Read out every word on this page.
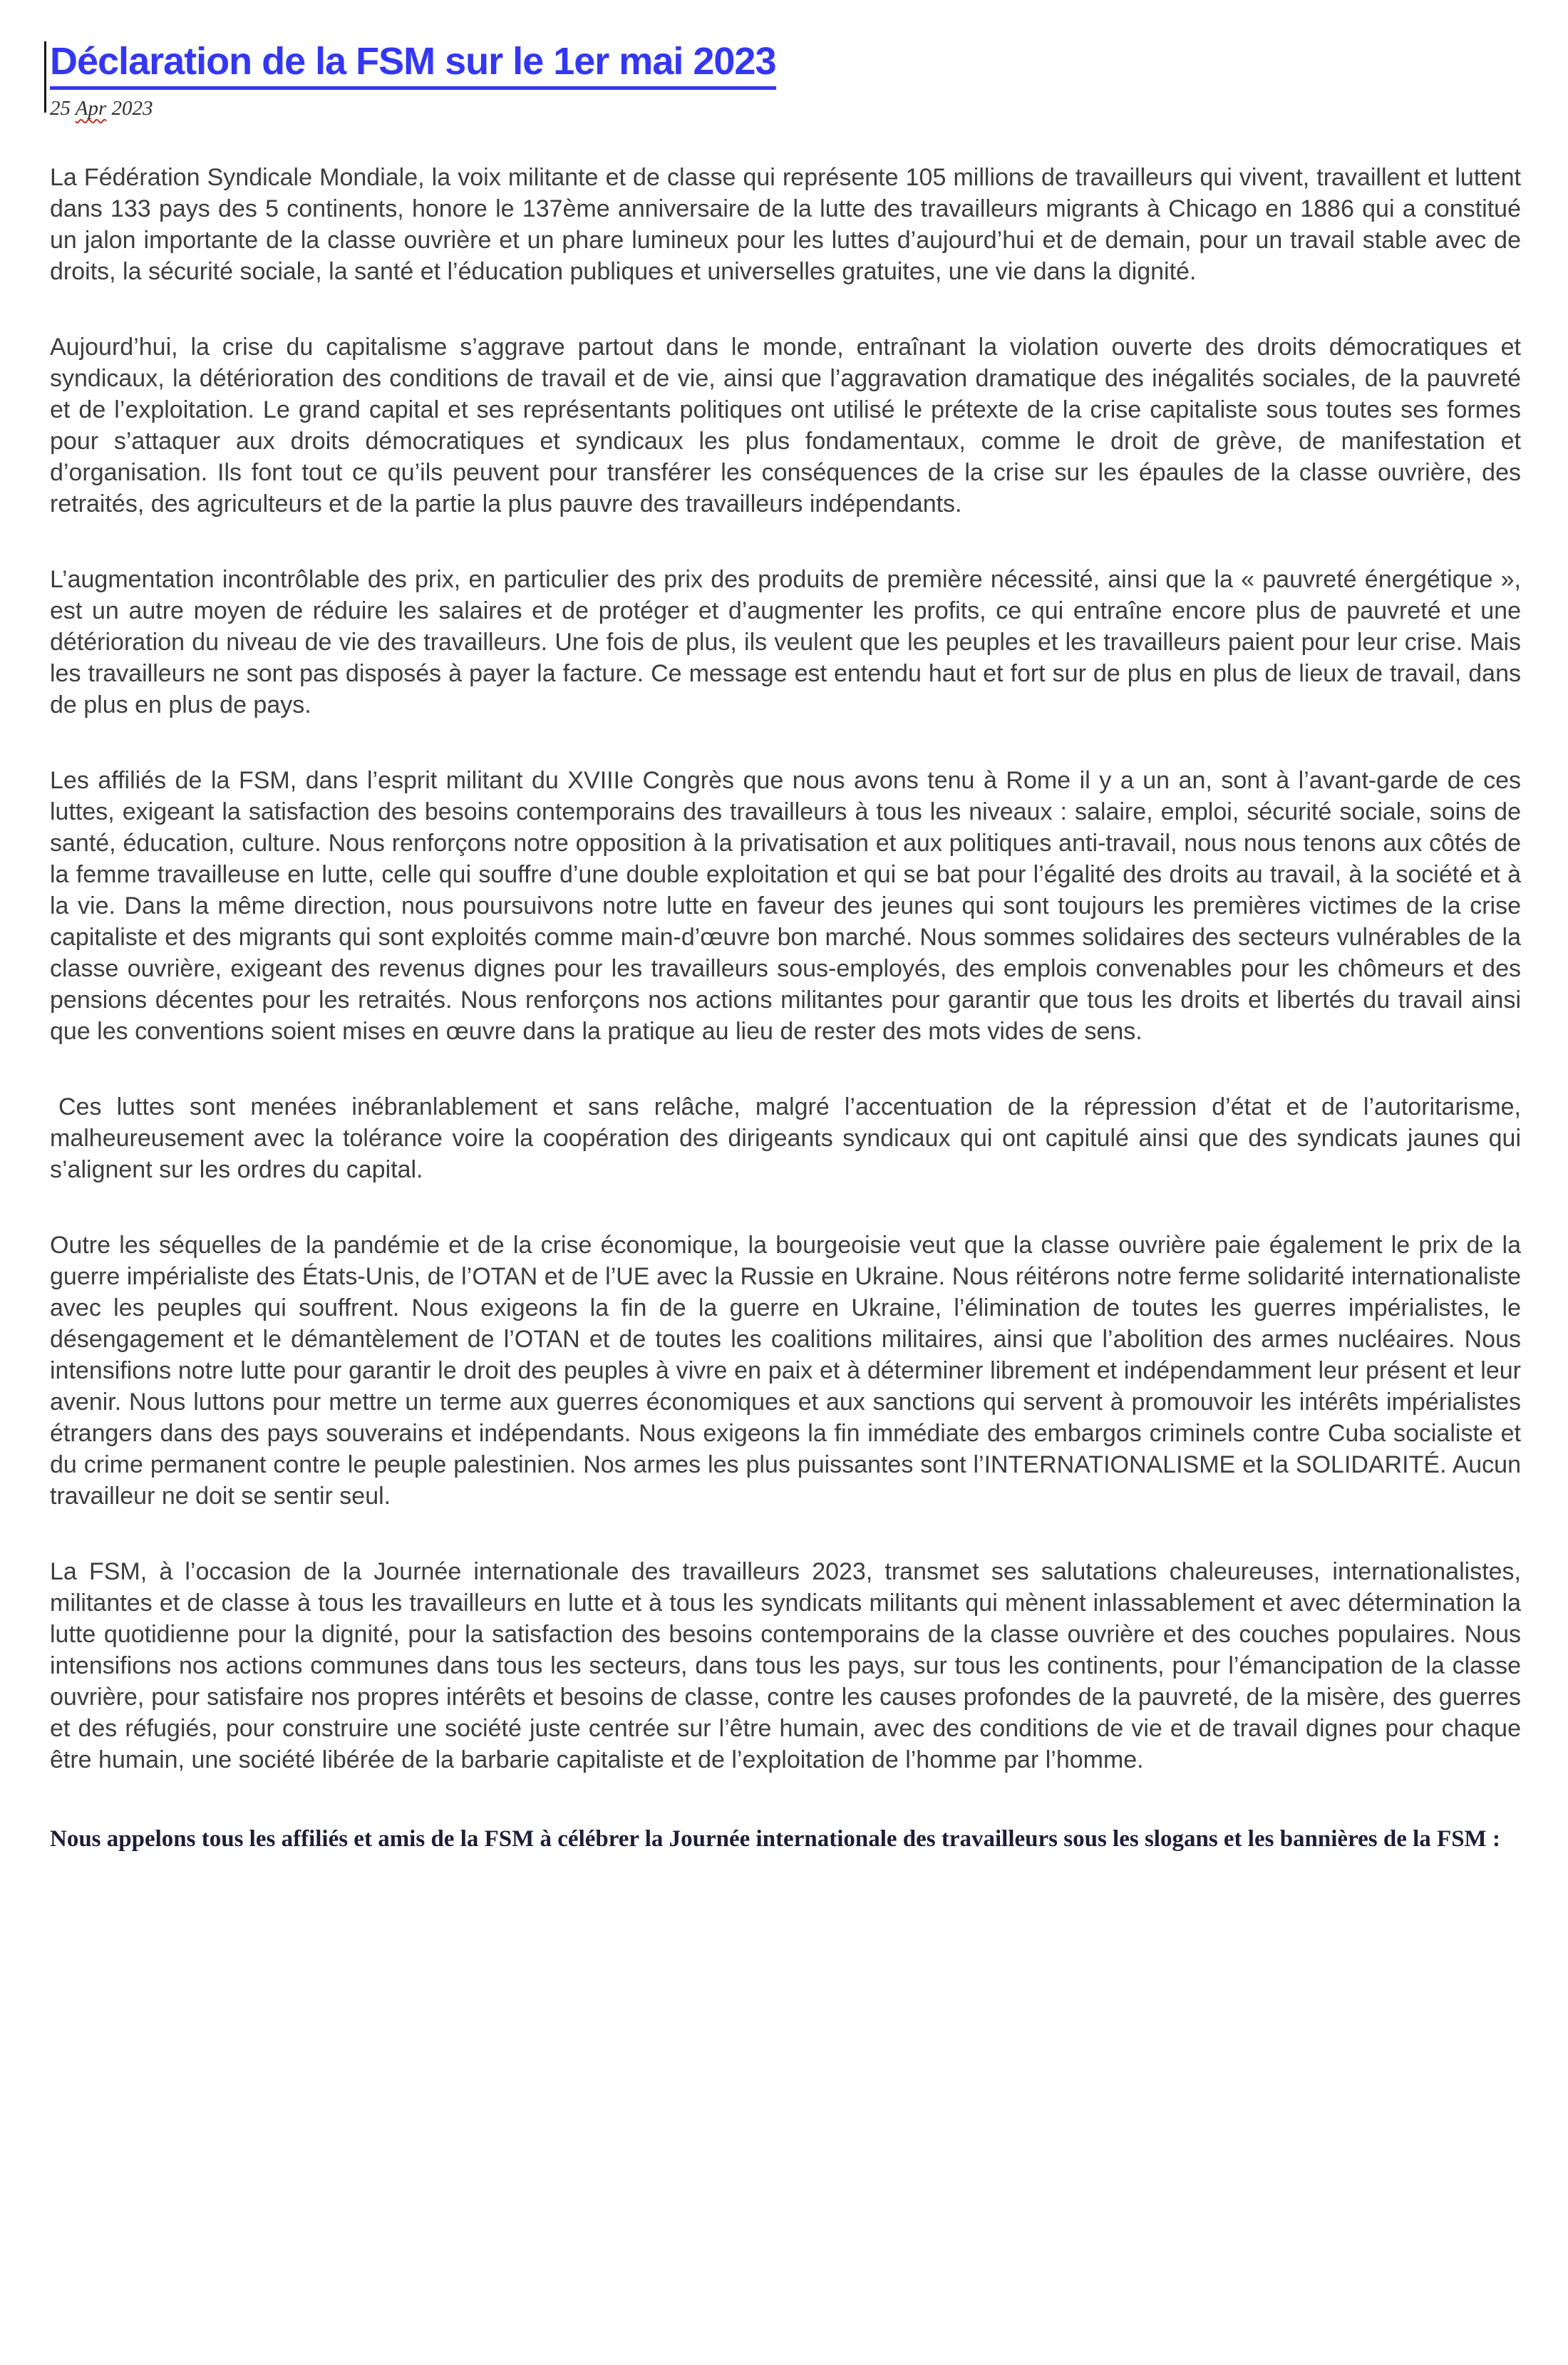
Déclaration de la FSM sur le 1er mai 2023

25 Apr 2023

La Fédération Syndicale Mondiale, la voix militante et de classe qui représente 105 millions de travailleurs qui vivent, travaillent et luttent dans 133 pays des 5 continents, honore le 137ème anniversaire de la lutte des travailleurs migrants à Chicago en 1886 qui a constitué un jalon importante de la classe ouvrière et un phare lumineux pour les luttes d’aujourd’hui et de demain, pour un travail stable avec de droits, la sécurité sociale, la santé et l’éducation publiques et universelles gratuites, une vie dans la dignité.

Aujourd’hui, la crise du capitalisme s’aggrave partout dans le monde, entraînant la violation ouverte des droits démocratiques et syndicaux, la détérioration des conditions de travail et de vie, ainsi que l’aggravation dramatique des inégalités sociales, de la pauvreté et de l’exploitation. Le grand capital et ses représentants politiques ont utilisé le prétexte de la crise capitaliste sous toutes ses formes pour s’attaquer aux droits démocratiques et syndicaux les plus fondamentaux, comme le droit de grève, de manifestation et d’organisation. Ils font tout ce qu’ils peuvent pour transférer les conséquences de la crise sur les épaules de la classe ouvrière, des retraités, des agriculteurs et de la partie la plus pauvre des travailleurs indépendants.

L’augmentation incontrôlable des prix, en particulier des prix des produits de première nécessité, ainsi que la « pauvreté énergétique », est un autre moyen de réduire les salaires et de protéger et d’augmenter les profits, ce qui entraîne encore plus de pauvreté et une détérioration du niveau de vie des travailleurs. Une fois de plus, ils veulent que les peuples et les travailleurs paient pour leur crise. Mais les travailleurs ne sont pas disposés à payer la facture. Ce message est entendu haut et fort sur de plus en plus de lieux de travail, dans de plus en plus de pays.

Les affiliés de la FSM, dans l’esprit militant du XVIIIe Congrès que nous avons tenu à Rome il y a un an, sont à l’avant-garde de ces luttes, exigeant la satisfaction des besoins contemporains des travailleurs à tous les niveaux : salaire, emploi, sécurité sociale, soins de santé, éducation, culture. Nous renforçons notre opposition à la privatisation et aux politiques anti-travail, nous nous tenons aux côtés de la femme travailleuse en lutte, celle qui souffre d’une double exploitation et qui se bat pour l’égalité des droits au travail, à la société et à la vie. Dans la même direction, nous poursuivons notre lutte en faveur des jeunes qui sont toujours les premières victimes de la crise capitaliste et des migrants qui sont exploités comme main-d’œuvre bon marché. Nous sommes solidaires des secteurs vulnérables de la classe ouvrière, exigeant des revenus dignes pour les travailleurs sous-employés, des emplois convenables pour les chômeurs et des pensions décentes pour les retraités. Nous renforçons nos actions militantes pour garantir que tous les droits et libertés du travail ainsi que les conventions soient mises en œuvre dans la pratique au lieu de rester des mots vides de sens.

Ces luttes sont menées inébranlablement et sans relâche, malgré l’accentuation de la répression d’état et de l’autoritarisme, malheureusement avec la tolérance voire la coopération des dirigeants syndicaux qui ont capitulé ainsi que des syndicats jaunes qui s’alignent sur les ordres du capital.

Outre les séquelles de la pandémie et de la crise économique, la bourgeoisie veut que la classe ouvrière paie également le prix de la guerre impérialiste des États-Unis, de l’OTAN et de l’UE avec la Russie en Ukraine. Nous réitérons notre ferme solidarité internationaliste avec les peuples qui souffrent. Nous exigeons la fin de la guerre en Ukraine, l’élimination de toutes les guerres impérialistes, le désengagement et le démantèlement de l’OTAN et de toutes les coalitions militaires, ainsi que l’abolition des armes nucléaires. Nous intensifions notre lutte pour garantir le droit des peuples à vivre en paix et à déterminer librement et indépendamment leur présent et leur avenir. Nous luttons pour mettre un terme aux guerres économiques et aux sanctions qui servent à promouvoir les intérêts impérialistes étrangers dans des pays souverains et indépendants. Nous exigeons la fin immédiate des embargos criminels contre Cuba socialiste et du crime permanent contre le peuple palestinien. Nos armes les plus puissantes sont l’INTERNATIONALISME et la SOLIDARITÉ. Aucun travailleur ne doit se sentir seul.

La FSM, à l’occasion de la Journée internationale des travailleurs 2023, transmet ses salutations chaleureuses, internationalistes, militantes et de classe à tous les travailleurs en lutte et à tous les syndicats militants qui mènent inlassablement et avec détermination la lutte quotidienne pour la dignité, pour la satisfaction des besoins contemporains de la classe ouvrière et des couches populaires. Nous intensifions nos actions communes dans tous les secteurs, dans tous les pays, sur tous les continents, pour l’émancipation de la classe ouvrière, pour satisfaire nos propres intérêts et besoins de classe, contre les causes profondes de la pauvreté, de la misère, des guerres et des réfugiés, pour construire une société juste centrée sur l’être humain, avec des conditions de vie et de travail dignes pour chaque être humain, une société libérée de la barbarie capitaliste et de l’exploitation de l’homme par l’homme.

Nous appelons tous les affiliés et amis de la FSM à célébrer la Journée internationale des travailleurs sous les slogans et les bannières de la FSM :
